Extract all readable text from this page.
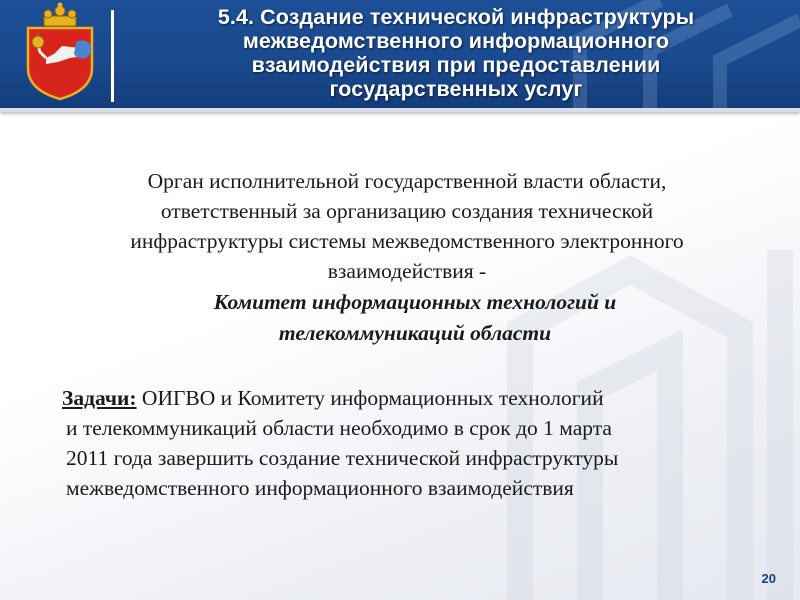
5.4. Создание технической инфраструктуры
межведомственного информационного
взаимодействия при предоставлении
государственных услуг
Орган исполнительной государственной власти области,
ответственный за организацию создания технической
инфраструктуры системы межведомственного электронного
взаимодействия -
Комитет информационных технологий и
телекоммуникаций области
Задачи: ОИГВО и Комитету информационных технологий
и телекоммуникаций области необходимо в срок до 1 марта
2011 года завершить создание технической инфраструктуры
межведомственного информационного взаимодействия
20
